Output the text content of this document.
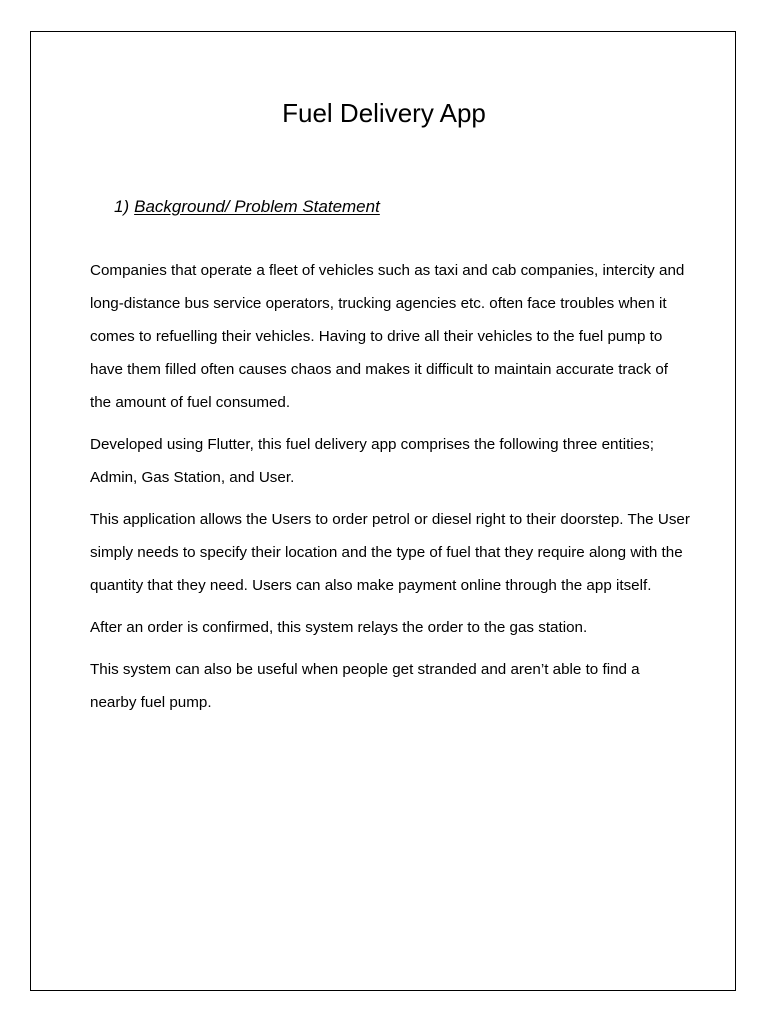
Fuel Delivery App
1) Background/ Problem Statement

Companies that operate a fleet of vehicles such as taxi and cab companies, intercity and long-distance bus service operators, trucking agencies etc. often face troubles when it comes to refuelling their vehicles. Having to drive all their vehicles to the fuel pump to have them filled often causes chaos and makes it difficult to maintain accurate track of the amount of fuel consumed.

Developed using Flutter, this fuel delivery app comprises the following three entities; Admin, Gas Station, and User.

This application allows the Users to order petrol or diesel right to their doorstep. The User simply needs to specify their location and the type of fuel that they require along with the quantity that they need. Users can also make payment online through the app itself.

After an order is confirmed, this system relays the order to the gas station.

This system can also be useful when people get stranded and aren’t able to find a nearby fuel pump.
